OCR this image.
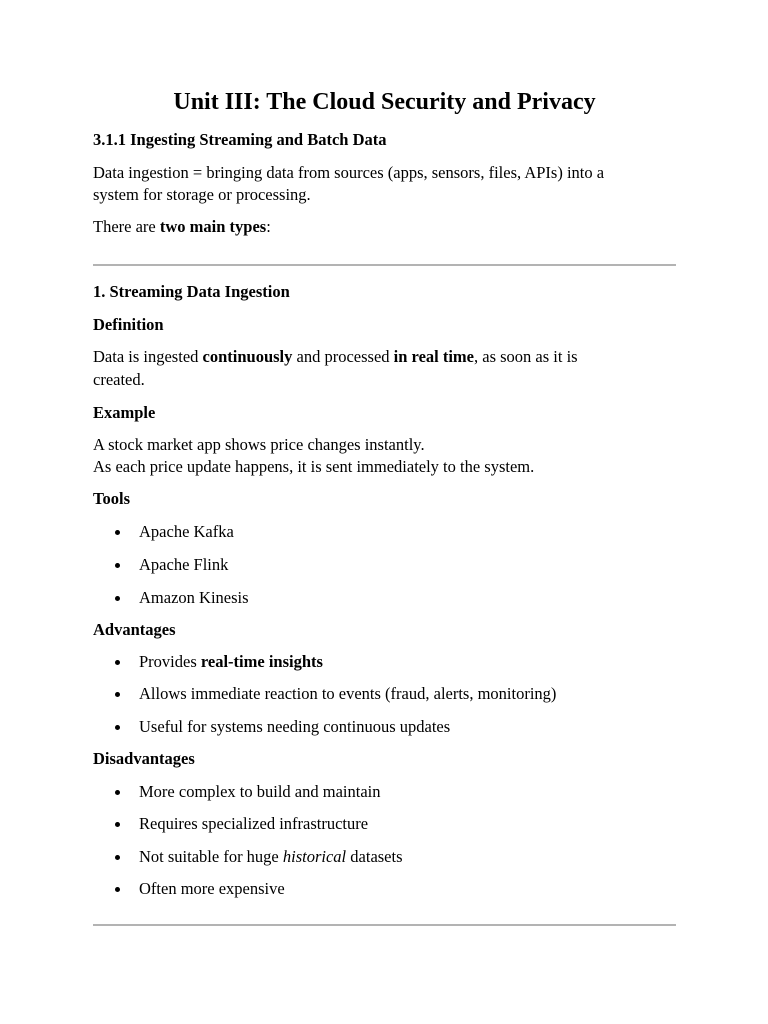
Unit III: The Cloud Security and Privacy

3.1.1 Ingesting Streaming and Batch Data

Data ingestion = bringing data from sources (apps, sensors, files, APIs) into a

system for storage or processing.

There are two main types:

1. Streaming Data Ingestion

Definition

Data is ingested continuously and processed in real time, as soon as it is

created.

Example

A stock market app shows price changes instantly.

As each price update happens, it is sent immediately to the system.

Tools

Apache Kafka
Apache Flink
Amazon Kinesis

Advantages

Provides real-time insights
Allows immediate reaction to events (fraud, alerts, monitoring)
Useful for systems needing continuous updates

Disadvantages

More complex to build and maintain
Requires specialized infrastructure
Not suitable for huge historical datasets
Often more expensive
